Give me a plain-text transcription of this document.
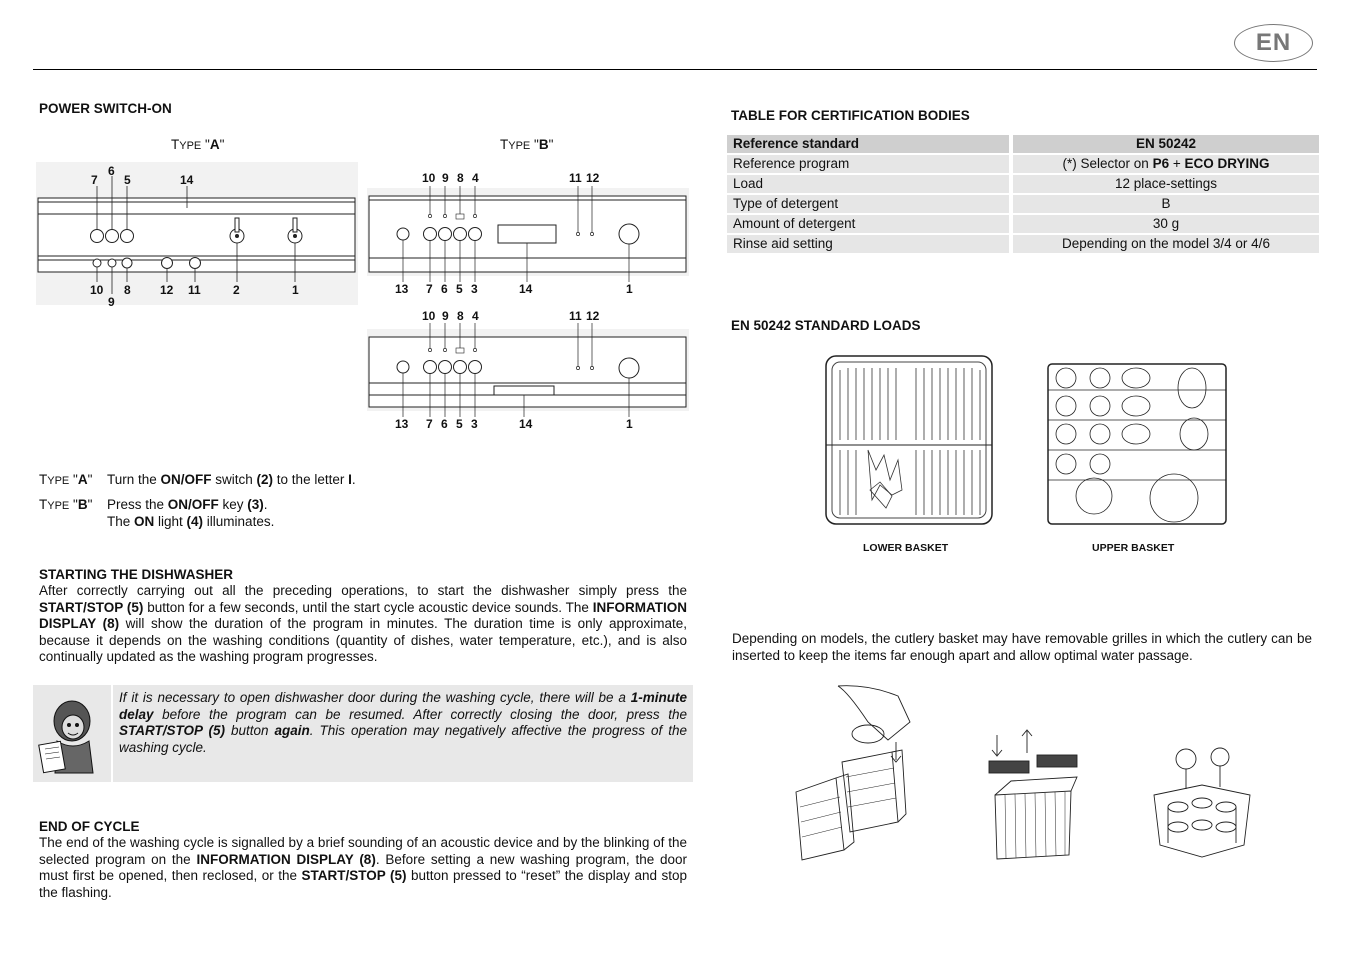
EN
POWER SWITCH-ON
TYPE "A"	TYPE "B"
7
6
5	14
10
9
8 12 11	2	1
10 9 8 4	11 12
13 7 6 5 3	14	1
10 9 8 4	11 12
13 7 6 5 3	14	1
TYPE "A" Turn the ON/OFF switch (2) to the letter I.
TYPE "B" Press the ON/OFF key (3).
The ON light (4) illuminates.
STARTING THE DISHWASHER
After correctly carrying out all the preceding operations, to start the dishwasher simply press the START/STOP (5) button for a few seconds, until the start cycle acoustic device sounds. The INFORMATION DISPLAY (8) will show the duration of the program in minutes. The duration time is only approximate, because it depends on the washing conditions (quantity of dishes, water temperature, etc.), and is also continually updated as the washing program progresses.
If it is necessary to open dishwasher door during the washing cycle, there will be a 1-minute delay before the program can be resumed. After correctly closing the door, press the START/STOP (5) button again. This operation may negatively affective the progress of the washing cycle.
END OF CYCLE
The end of the washing cycle is signalled by a brief sounding of an acoustic device and by the blinking of the selected program on the INFORMATION DISPLAY (8). Before setting a new washing program, the door must first be opened, then reclosed, or the START/STOP (5) button pressed to “reset” the display and stop the flashing.
TABLE FOR CERTIFICATION BODIES
Reference standard		EN 50242
Reference program		(*) Selector on P6 + ECO DRYING
Load		12 place-settings
Type of detergent		B
Amount of detergent		30 g
Rinse aid setting		Depending on the model 3/4 or 4/6
EN 50242 STANDARD LOADS
LOWER BASKET	UPPER BASKET
Depending on models, the cutlery basket may have removable grilles in which the cutlery can be inserted to keep the items far enough apart and allow optimal water passage.
